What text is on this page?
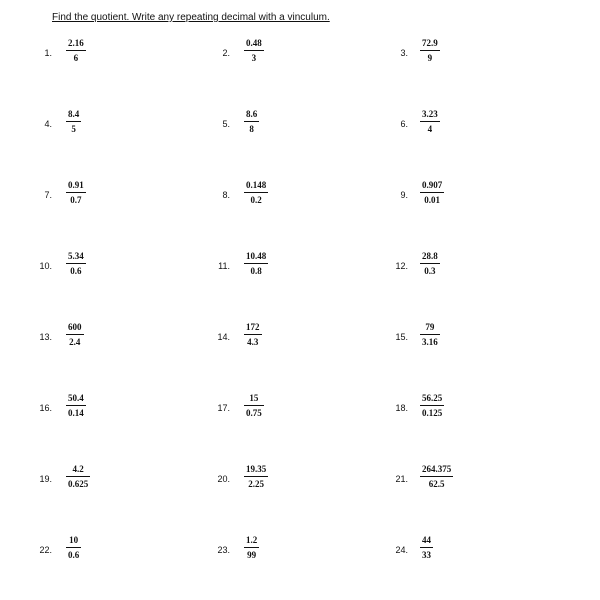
Find the quotient. Write any repeating decimal with a vinculum.
1.
2.16
6	2.
0.48
3	3.
72.9
9
4.
8.4
5	5.
8.6
8	6.
3.23
4
7.
0.91
0.7	8.
0.148
0.2	9.
0.907
0.01
10.
5.34
0.6	11.
10.48
0.8	12.
28.8
0.3
13.
600
2.4	14.
172
4.3	15.
79
3.16
16.
50.4
0.14	17.
15
0.75	18.
56.25
0.125
19.
4.2
0.625	20.
19.35
2.25	21.
264.375
62.5
22.
10
0.6	23.
1.2
99	24.
44
33
